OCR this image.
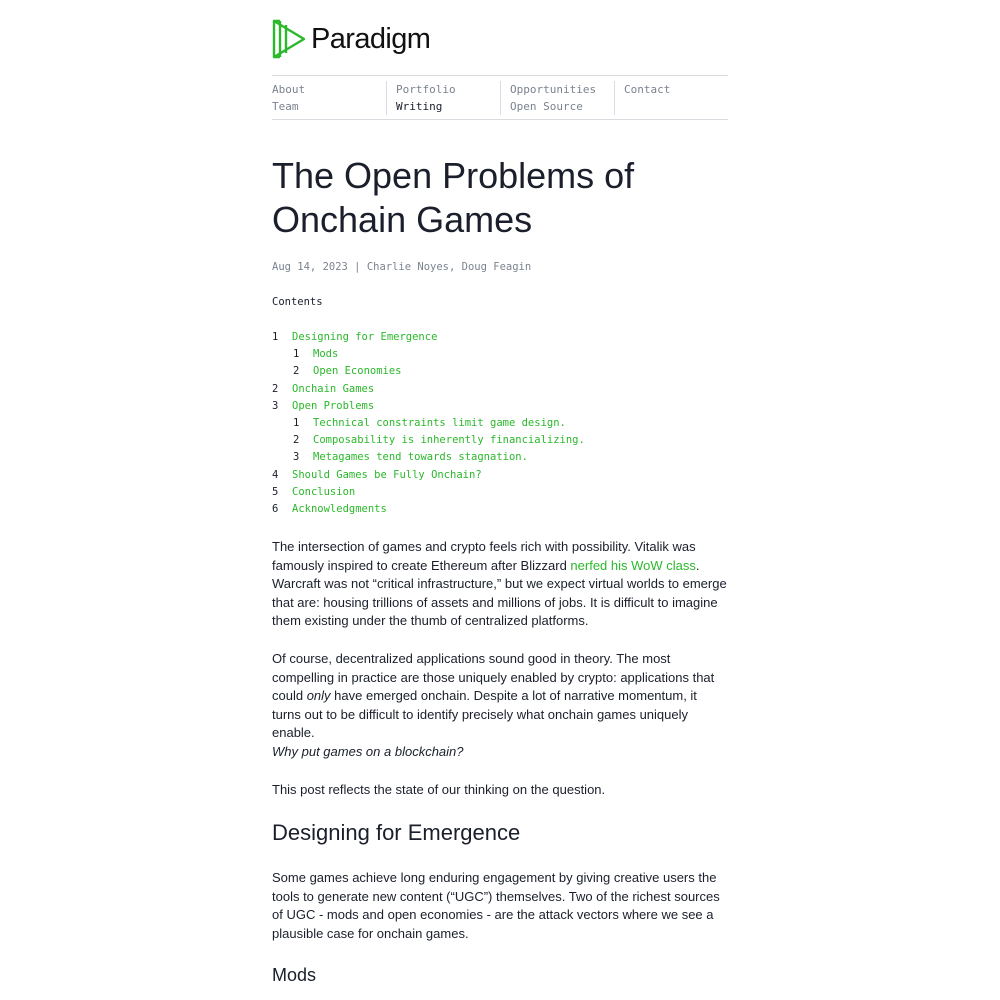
Paradigm
About
Team
Portfolio
Writing
Opportunities
Open Source
Contact
The Open Problems of Onchain Games
Aug 14, 2023 | Charlie Noyes, Doug Feagin
Contents
1 Designing for Emergence
1 Mods
2 Open Economies
2 Onchain Games
3 Open Problems
1 Technical constraints limit game design.
2 Composability is inherently financializing.
3 Metagames tend towards stagnation.
4 Should Games be Fully Onchain?
5 Conclusion
6 Acknowledgments

The intersection of games and crypto feels rich with possibility. Vitalik was famously inspired to create Ethereum after Blizzard nerfed his WoW class. Warcraft was not “critical infrastructure,” but we expect virtual worlds to emerge that are: housing trillions of assets and millions of jobs. It is difficult to imagine them existing under the thumb of centralized platforms.

Of course, decentralized applications sound good in theory. The most compelling in practice are those uniquely enabled by crypto: applications that could only have emerged onchain. Despite a lot of narrative momentum, it turns out to be difficult to identify precisely what onchain games uniquely enable.

Why put games on a blockchain?

This post reflects the state of our thinking on the question.

Designing for Emergence

Some games achieve long enduring engagement by giving creative users the tools to generate new content (“UGC”) themselves. Two of the richest sources of UGC - mods and open economies - are the attack vectors where we see a plausible case for onchain games.

Mods
